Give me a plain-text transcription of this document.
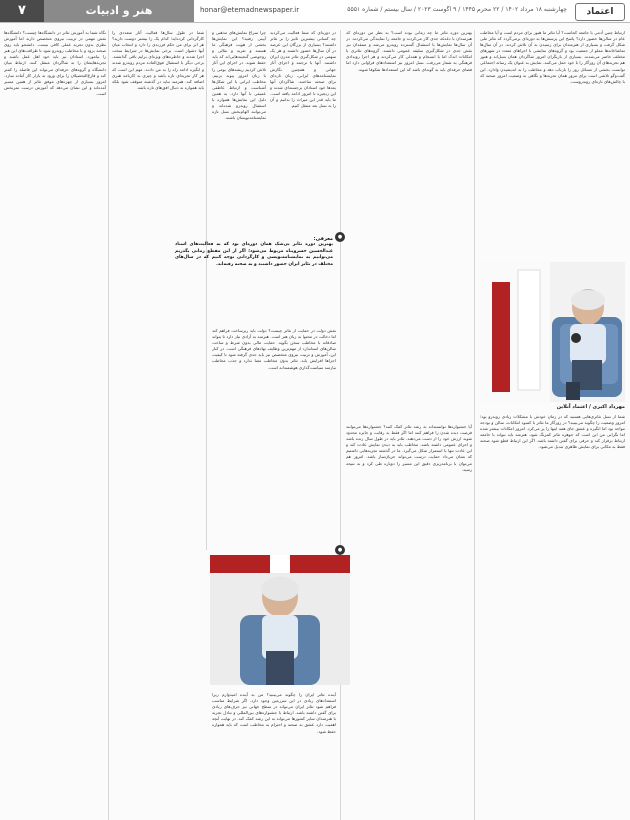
۷	هنر و ادبیات	honar@etemadnewspaper.ir	چهارشنبه ۱۸ مرداد ۱۴۰۲ / ۲۲ محرم ۱۴۴۵ / ۹ آگوست ۲۰۲۳ / سال بیستم / شماره ۵۵۵۱	اعتماد
ارتباط چنین آدمی با جامعه کجاست؟ آیا تئاتر ما هنوز برای مردم است و آیا مخاطب عام در سالن‌ها حضور دارد؟ پاسخ این پرسش‌ها به دوره‌ای برمی‌گردد که تئاتر ملی شکل گرفت و بسیاری از هنرمندان برای رسیدن به آن تلاش کردند. در آن سال‌ها تماشاخانه‌ها مملو از جمعیت بود و گروه‌های نمایشی با اجراهای متعدد در شهرهای مختلف حاضر می‌شدند. بسیاری از بازیگران امروز شاگردان همان نسل‌اند و هنوز هم تجربه‌های آن روزگار را با خود حمل می‌کنند. نمایش به عنوان یک رسانه اجتماعی توانست بخشی از مسائل روز را بازتاب دهد و مخاطب را به اندیشیدن وادارد. این گفت‌وگو تلاشی است برای مرور همان تجربه‌ها و نگاهی به وضعیت امروز صحنه که با چالش‌های تازه‌ای روبه‌روست.
مهرداد اکبری / اعتماد آنلاین
شما از نسل تئاتری‌هایی هستید که در زمان خودش با مشکلات زیادی روبه‌رو بود؛ امروز وضعیت را چگونه می‌بینید؟ در روزگار ما تئاتر با کمبود امکانات، سالن و بودجه مواجه بود اما انگیزه و عشق جای همه اینها را پر می‌کرد. امروز امکانات بیشتر شده اما نگرانی من این است که جوهره تئاتر کمرنگ شود. هنرمند باید بتواند با جامعه ارتباط برقرار کند و حرفی برای گفتن داشته باشد. اگر این ارتباط قطع شود صحنه فقط به مکانی برای نمایش ظاهری تبدیل می‌شود.
بهترین دوره تئاتر ما چه زمانی بوده است؟ به نظر من دوره‌ای که هنرمندان با دغدغه جدی کار می‌کردند و جامعه را نمایندگی می‌کردند. در آن سال‌ها نمایش‌ها با استقبال گسترده روبه‌رو می‌شد و منتقدان نیز نقش جدی در شکل‌گیری سلیقه عمومی داشتند. گروه‌های تئاتری با امکانات اندک اما با انسجام و همدلی کار می‌کردند و هر اجرا رویدادی فرهنگی به شمار می‌رفت. نسل امروز نیز استعدادهای فراوانی دارد اما فضای حرفه‌ای باید به گونه‌ای باشد که این استعدادها شکوفا شوند.
آیا جشنواره‌ها توانسته‌اند به رشد تئاتر کمک کنند؟ جشنواره‌ها می‌توانند فرصت دیده شدن را فراهم کنند اما اگر فقط به رقابت و جایزه محدود شوند ارزش خود را از دست می‌دهند. تئاتر باید در طول سال زنده باشد و اجرای عمومی داشته باشد. مخاطب باید به دیدن نمایش عادت کند و این عادت تنها با استمرار شکل می‌گیرد. ما در گذشته تجربه‌هایی داشتیم که نشان می‌داد حمایت درست می‌تواند جریان‌ساز باشد. امروز هم می‌توان با برنامه‌ریزی دقیق این مسیر را دوباره طی کرد و به نتیجه رسید.
در دوره‌ای که شما فعالیت می‌کردید چه کسانی بیشترین تاثیر را بر تئاتر داشتند؟ بسیاری از بزرگان این عرصه در آن سال‌ها حضور داشتند و هر یک سهمی در شکل‌گیری تئاتر مدرن ایران داشتند. آنها با ترجمه و اجرای آثار جهانی و همچنین نگارش نمایشنامه‌های ایرانی، زبان تازه‌ای برای صحنه ساختند. شاگردان آنها بعدها خود استادان برجسته‌ای شدند و این زنجیره تا امروز ادامه یافته است. ما باید قدر این میراث را بدانیم و آن را به نسل بعد منتقل کنیم.
چرا سراغ نمایش‌های مذهبی و آیینی رفتید؟ این نمایش‌ها بخشی از هویت فرهنگی ما هستند و تعزیه و نقالی و روحوضی گنجینه‌هایی‌اند که باید حفظ شوند. در اجرای این آثار تلاش کردیم ریشه‌های بومی را با زبان امروز پیوند بزنیم. مخاطب ایرانی با این شکل‌ها آشناست و ارتباط عاطفی عمیقی با آنها دارد. به همین دلیل این نمایش‌ها همواره با استقبال روبه‌رو شده‌اند و می‌توانند الهام‌بخش نسل تازه نمایشنامه‌نویسان باشند.
معرفی:
بهترین دوره تئاتر بی‌شک همان دوره‌ای بود که به فعالیت‌های استاد عبدالحسین خسروپناه مربوط می‌شود؛ اگر از این مقطع زمانی بگذریم می‌توانیم به نمایشنامه‌نویسی و کارگردانی توجه کنیم که در سال‌های مختلف در تئاتر ایران حضور داشتند و به صحنه رفته‌اند.
●
نقش دولت در حمایت از تئاتر چیست؟ دولت باید زیرساخت فراهم کند اما دخالت در محتوا به زیان هنر است. هنرمند به آزادی نیاز دارد تا بتواند صادقانه با مخاطب سخن بگوید. حمایت مالی بدون شرط و ساخت سالن‌های استاندارد از مهم‌ترین وظایف نهادهای فرهنگی است. در کنار این، آموزش و تربیت نیروی متخصص نیز باید جدی گرفته شود تا کیفیت اجراها افزایش یابد. تئاتر بدون مخاطب معنا ندارد و جذب مخاطب نیازمند سیاست‌گذاری هوشمندانه است.
آینده تئاتر ایران را چگونه می‌بینید؟ من به آینده امیدوارم زیرا استعدادهای زیادی در این سرزمین وجود دارد. اگر شرایط مناسب فراهم شود تئاتر ایران می‌تواند در سطح جهانی نیز حرف‌های زیادی برای گفتن داشته باشد. ارتباط با جشنواره‌های بین‌المللی و تبادل تجربه با هنرمندان سایر کشورها می‌تواند به این رشد کمک کند. در نهایت آنچه اهمیت دارد عشق به صحنه و احترام به مخاطب است که باید همواره حفظ شود.
●
شما در طول سال‌ها فعالیت آثار متعددی را کارگردانی کرده‌اید؛ کدام یک را بیشتر دوست دارید؟ هر اثر برای من حکم فرزندی را دارد و انتخاب میان آنها دشوار است. برخی نمایش‌ها در شرایط سخت اجرا شدند و خاطره‌های ویژه‌ای برایم باقی گذاشتند. برخی دیگر با استقبال فوق‌العاده مردم روبه‌رو شدند و انگیزه ادامه راه را به من دادند. مهم این است که هر کار تجربه‌ای تازه باشد و چیزی به کارنامه هنری اضافه کند. هنرمند نباید در گذشته متوقف شود بلکه باید همواره به دنبال افق‌های تازه باشد.
نگاه شما به آموزش تئاتر در دانشگاه‌ها چیست؟ دانشگاه‌ها نقش مهمی در تربیت نیروی متخصص دارند اما آموزش نظری بدون تجربه عملی کافی نیست. دانشجو باید روی صحنه برود و با مخاطب روبه‌رو شود تا ظرافت‌های این هنر را بیاموزد. استادان نیز باید خود اهل عمل باشند و تجربه‌هایشان را به شاگردان منتقل کنند. ارتباط میان دانشگاه و گروه‌های حرفه‌ای می‌تواند این فاصله را کمتر کند و فارغ‌التحصیلان را برای ورود به بازار کار آماده سازد. امروز بسیاری از چهره‌های موفق تئاتر از همین مسیر آمده‌اند و این نشان می‌دهد که آموزش درست ثمربخش است.
